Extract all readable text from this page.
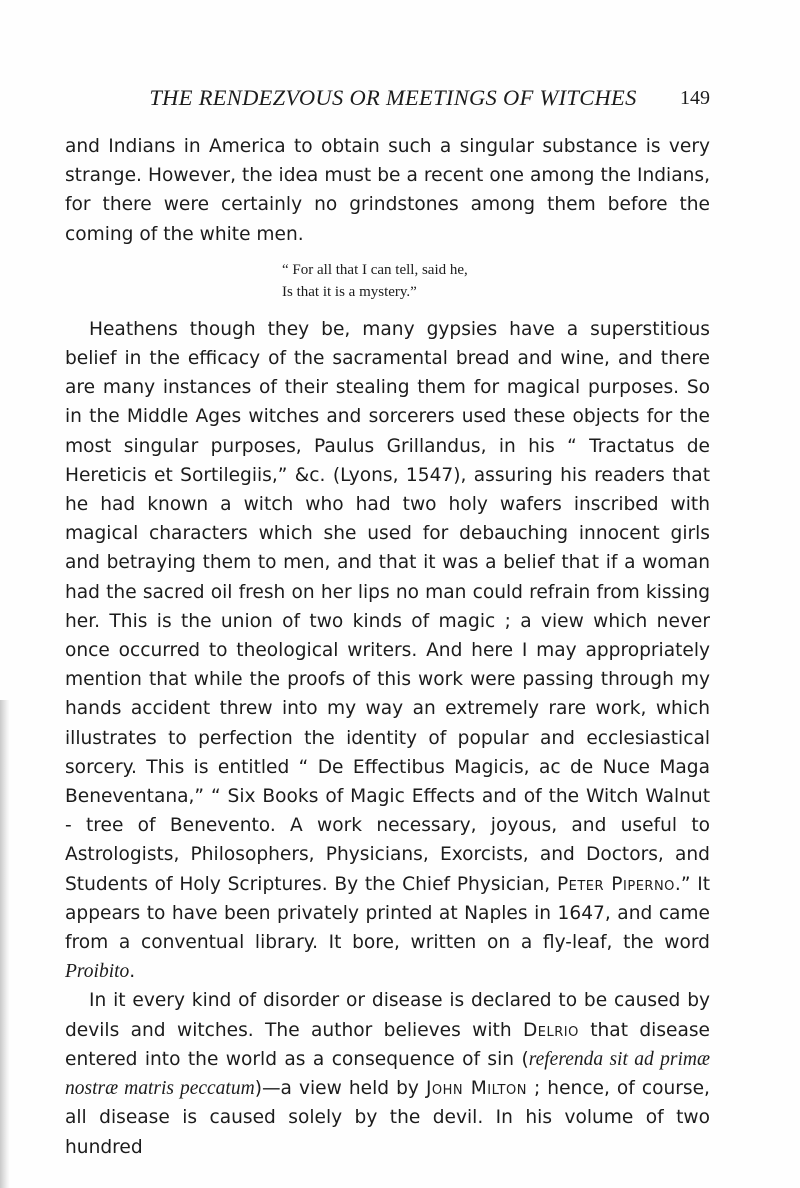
THE RENDEZVOUS OR MEETINGS OF WITCHES	149

and Indians in America to obtain such a singular substance is very strange. However, the idea must be a recent one among the Indians, for there were certainly no grindstones among them before the coming of the white men.

“ For all that I can tell, said he,
Is that it is a mystery.”

Heathens though they be, many gypsies have a superstitious belief in the efficacy of the sacramental bread and wine, and there are many instances of their stealing them for magical purposes. So in the Middle Ages witches and sorcerers used these objects for the most singular purposes, Paulus Grillandus, in his “ Tractatus de Hereticis et Sortilegiis,” &c. (Lyons, 1547), assuring his readers that he had known a witch who had two holy wafers inscribed with magical characters which she used for debauching innocent girls and betraying them to men, and that it was a belief that if a woman had the sacred oil fresh on her lips no man could refrain from kissing her. This is the union of two kinds of magic ; a view which never once occurred to theological writers. And here I may appropriately mention that while the proofs of this work were passing through my hands accident threw into my way an extremely rare work, which illustrates to perfection the identity of popular and ecclesiastical sorcery. This is entitled “ De Effectibus Magicis, ac de Nuce Maga Beneventana,” “ Six Books of Magic Effects and of the Witch Walnut - tree of Benevento. A work necessary, joyous, and useful to Astrologists, Philosophers, Physicians, Exorcists, and Doctors, and Students of Holy Scriptures. By the Chief Physician, Peter Piperno.” It appears to have been privately printed at Naples in 1647, and came from a conventual library. It bore, written on a fly-leaf, the word Proibito.

In it every kind of disorder or disease is declared to be caused by devils and witches. The author believes with Delrio that disease entered into the world as a consequence of sin (referenda sit ad primæ nostræ matris peccatum)—a view held by John Milton ; hence, of course, all disease is caused solely by the devil. In his volume of two hundred
